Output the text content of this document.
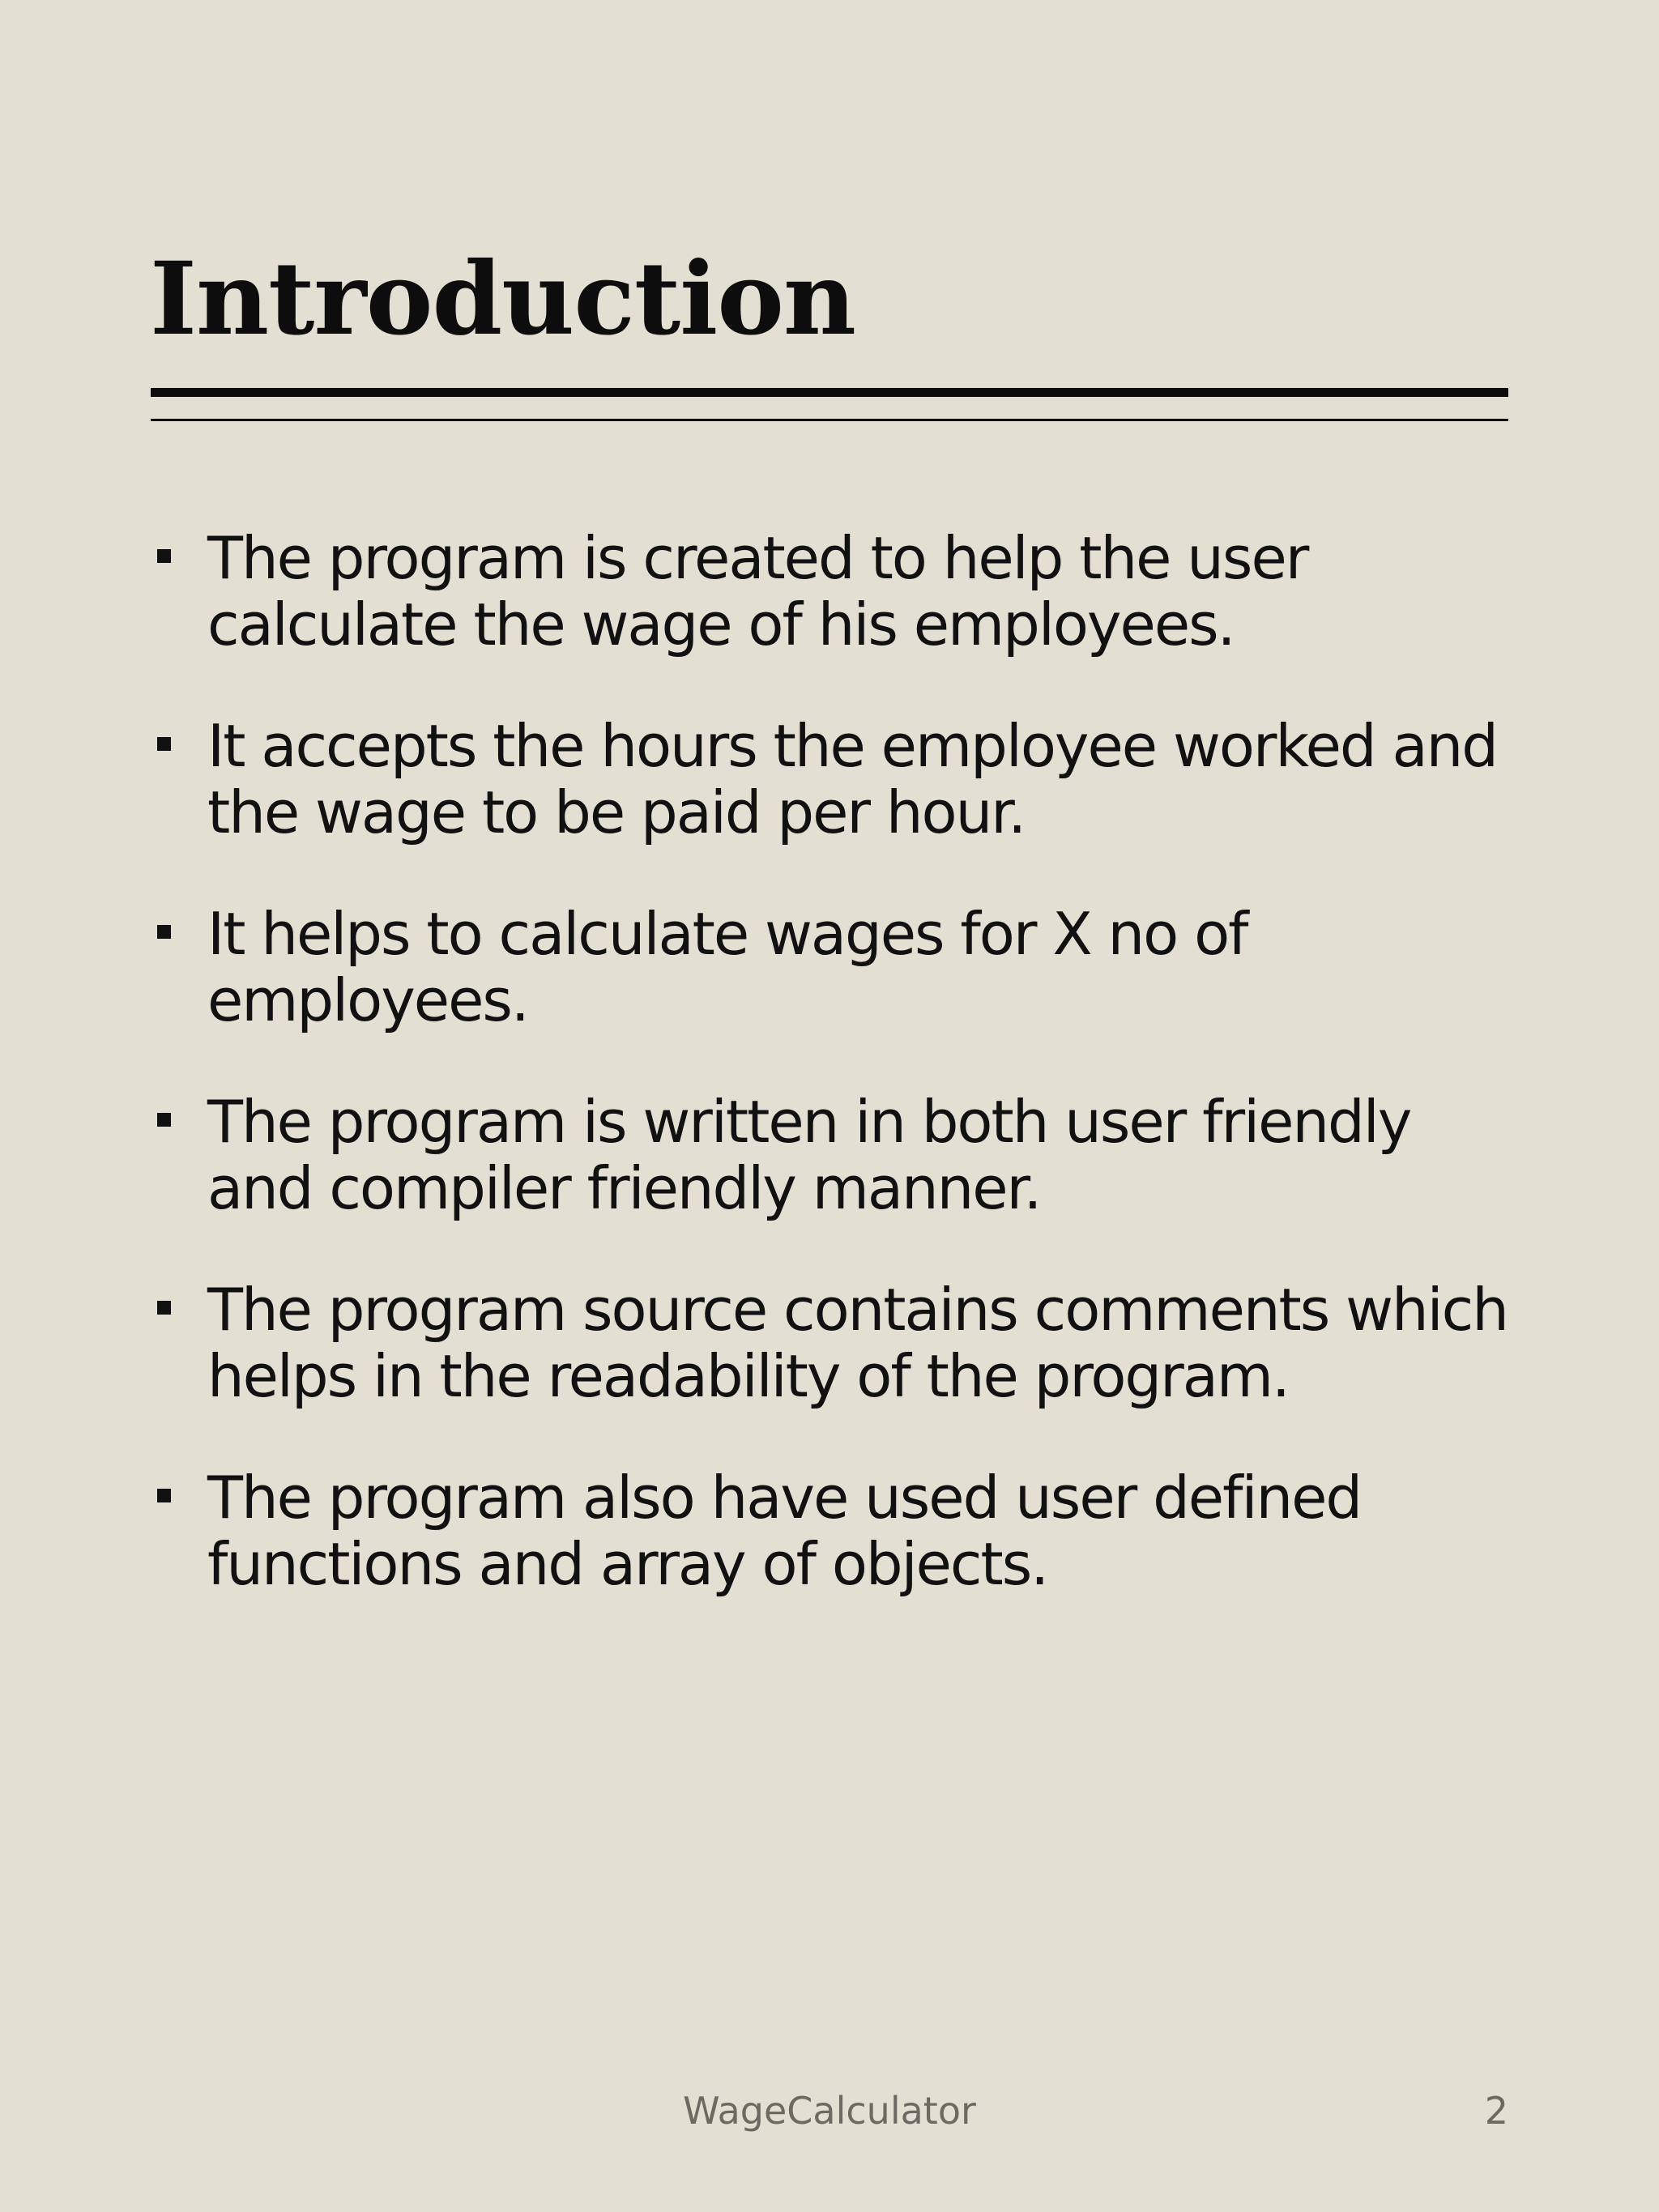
Introduction
The program is created to help the user
calculate the wage of his employees.
It accepts the hours the employee worked and
the wage to be paid per hour.
It helps to calculate wages for X no of
employees.
The program is written in both user friendly
and compiler friendly manner.
The program source contains comments which
helps in the readability of the program.
The program also have used user defined
functions and array of objects.
WageCalculator	2
